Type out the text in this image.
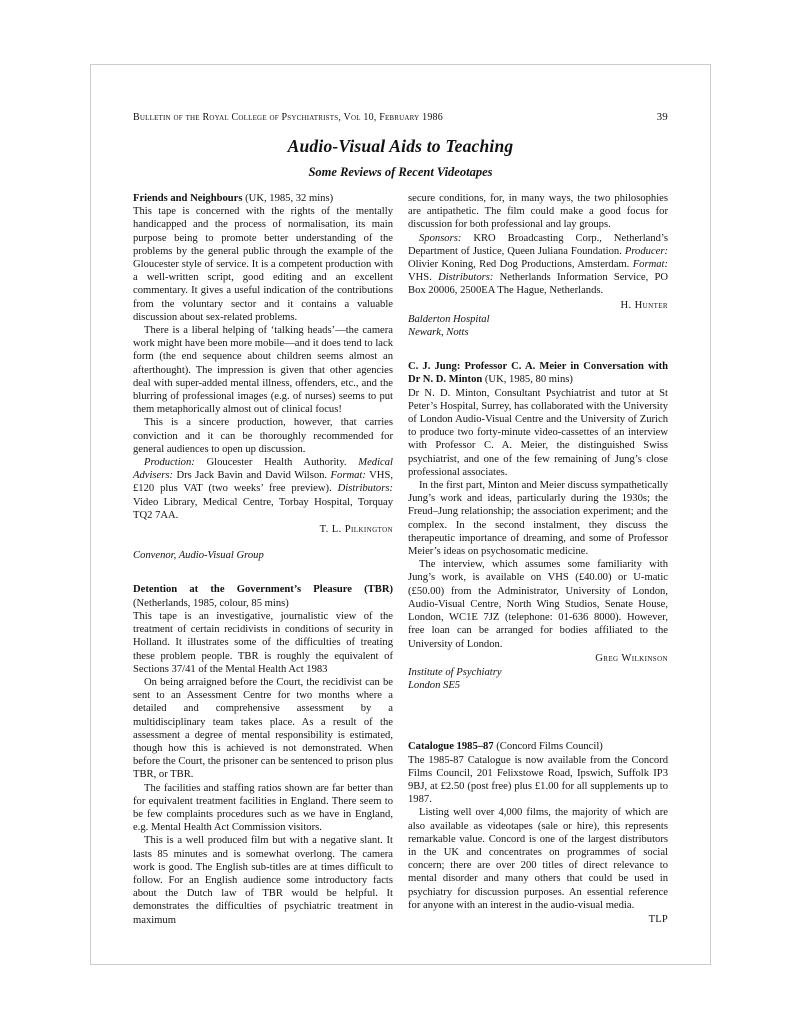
Bulletin of the Royal College of Psychiatrists, Vol 10, February 1986	39
Audio-Visual Aids to Teaching
Some Reviews of Recent Videotapes

Friends and Neighbours (UK, 1985, 32 mins)

This tape is concerned with the rights of the mentally handicapped and the process of normalisation, its main purpose being to promote better understanding of the problems by the general public through the example of the Gloucester style of service. It is a competent production with a well-written script, good editing and an excellent commentary. It gives a useful indication of the contributions from the voluntary sector and it contains a valuable discussion about sex-related problems.

There is a liberal helping of ‘talking heads’—the camera work might have been more mobile—and it does tend to lack form (the end sequence about children seems almost an afterthought). The impression is given that other agencies deal with super-added mental illness, offenders, etc., and the blurring of professional images (e.g. of nurses) seems to put them metaphorically almost out of clinical focus!

This is a sincere production, however, that carries conviction and it can be thoroughly recommended for general audiences to open up discussion.

Production: Gloucester Health Authority. Medical Advisers: Drs Jack Bavin and David Wilson. Format: VHS, £120 plus VAT (two weeks’ free preview). Distributors: Video Library, Medical Centre, Torbay Hospital, Torquay TQ2 7AA.

T. L. Pilkington
Convenor, Audio-Visual Group

Detention at the Government’s Pleasure (TBR) (Netherlands, 1985, colour, 85 mins)

This tape is an investigative, journalistic view of the treatment of certain recidivists in conditions of security in Holland. It illustrates some of the difficulties of treating these problem people. TBR is roughly the equivalent of Sections 37/41 of the Mental Health Act 1983

On being arraigned before the Court, the recidivist can be sent to an Assessment Centre for two months where a detailed and comprehensive assessment by a multidisciplinary team takes place. As a result of the assessment a degree of mental responsibility is estimated, though how this is achieved is not demonstrated. When before the Court, the prisoner can be sentenced to prison plus TBR, or TBR.

The facilities and staffing ratios shown are far better than for equivalent treatment facilities in England. There seem to be few complaints procedures such as we have in England, e.g. Mental Health Act Commission visitors.

This is a well produced film but with a negative slant. It lasts 85 minutes and is somewhat overlong. The camera work is good. The English sub-titles are at times difficult to follow. For an English audience some introductory facts about the Dutch law of TBR would be helpful. It demonstrates the difficulties of psychiatric treatment in maximum

secure conditions, for, in many ways, the two philosophies are antipathetic. The film could make a good focus for discussion for both professional and lay groups.

Sponsors: KRO Broadcasting Corp., Netherland’s Department of Justice, Queen Juliana Foundation. Producer: Olivier Koning, Red Dog Productions, Amsterdam. Format: VHS. Distributors: Netherlands Information Service, PO Box 20006, 2500EA The Hague, Netherlands.

H. Hunter
Balderton Hospital
Newark, Notts

C. J. Jung: Professor C. A. Meier in Conversation with Dr N. D. Minton (UK, 1985, 80 mins)

Dr N. D. Minton, Consultant Psychiatrist and tutor at St Peter’s Hospital, Surrey, has collaborated with the University of London Audio-Visual Centre and the University of Zurich to produce two forty-minute video-cassettes of an interview with Professor C. A. Meier, the distinguished Swiss psychiatrist, and one of the few remaining of Jung’s close professional associates.

In the first part, Minton and Meier discuss sympathetically Jung’s work and ideas, particularly during the 1930s; the Freud–Jung relationship; the association experiment; and the complex. In the second instalment, they discuss the therapeutic importance of dreaming, and some of Professor Meier’s ideas on psychosomatic medicine.

The interview, which assumes some familiarity with Jung’s work, is available on VHS (£40.00) or U-matic (£50.00) from the Administrator, University of London, Audio-Visual Centre, North Wing Studios, Senate House, London, WC1E 7JZ (telephone: 01-636 8000). However, free loan can be arranged for bodies affiliated to the University of London.

Greg Wilkinson
Institute of Psychiatry
London SE5

Catalogue 1985–87 (Concord Films Council)

The 1985-87 Catalogue is now available from the Concord Films Council, 201 Felixstowe Road, Ipswich, Suffolk IP3 9BJ, at £2.50 (post free) plus £1.00 for all supplements up to 1987.

Listing well over 4,000 films, the majority of which are also available as videotapes (sale or hire), this represents remarkable value. Concord is one of the largest distributors in the UK and concentrates on programmes of social concern; there are over 200 titles of direct relevance to mental disorder and many others that could be used in psychiatry for discussion purposes. An essential reference for anyone with an interest in the audio-visual media.

TLP
